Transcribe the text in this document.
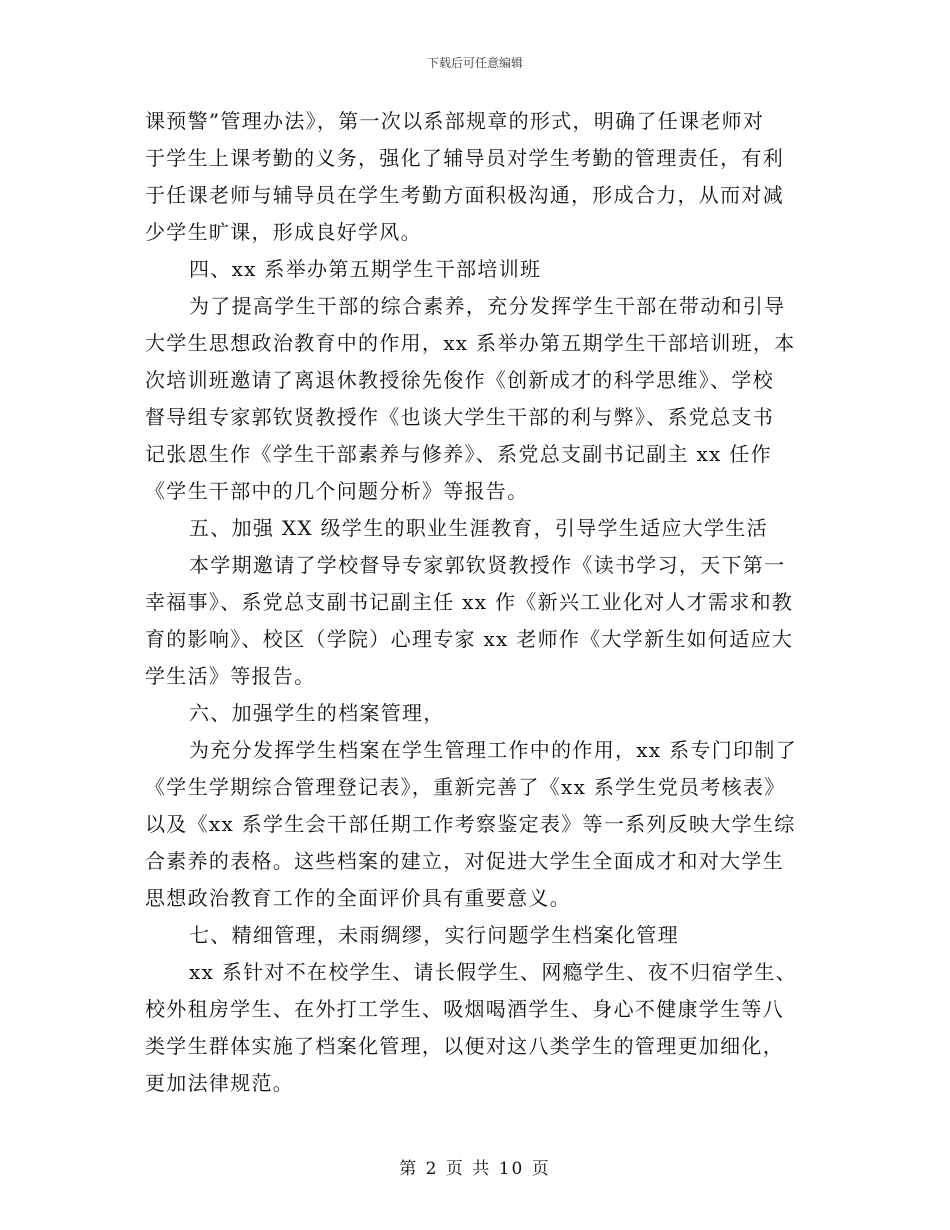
下载后可任意编辑
课预警”管理办法》，第一次以系部规章的形式，明确了任课老师对
于学生上课考勤的义务，强化了辅导员对学生考勤的管理责任，有利
于任课老师与辅导员在学生考勤方面积极沟通，形成合力，从而对减
少学生旷课，形成良好学风。
四、xx 系举办第五期学生干部培训班
为了提高学生干部的综合素养，充分发挥学生干部在带动和引导
大学生思想政治教育中的作用，xx 系举办第五期学生干部培训班，本
次培训班邀请了离退休教授徐先俊作《创新成才的科学思维》、学校
督导组专家郭钦贤教授作《也谈大学生干部的利与弊》、系党总支书
记张恩生作《学生干部素养与修养》、系党总支副书记副主 xx 任作
《学生干部中的几个问题分析》等报告。
五、加强 XX 级学生的职业生涯教育，引导学生适应大学生活
本学期邀请了学校督导专家郭钦贤教授作《读书学习，天下第一
幸福事》、系党总支副书记副主任 xx 作《新兴工业化对人才需求和教
育的影响》、校区（学院）心理专家 xx 老师作《大学新生如何适应大
学生活》等报告。
六、加强学生的档案管理，
为充分发挥学生档案在学生管理工作中的作用，xx 系专门印制了
《学生学期综合管理登记表》，重新完善了《xx 系学生党员考核表》
以及《xx 系学生会干部任期工作考察鉴定表》等一系列反映大学生综
合素养的表格。这些档案的建立，对促进大学生全面成才和对大学生
思想政治教育工作的全面评价具有重要意义。
七、精细管理，未雨绸缪，实行问题学生档案化管理
xx 系针对不在校学生、请长假学生、网瘾学生、夜不归宿学生、
校外租房学生、在外打工学生、吸烟喝酒学生、身心不健康学生等八
类学生群体实施了档案化管理，以便对这八类学生的管理更加细化，
更加法律规范。
第 2 页 共 10 页
